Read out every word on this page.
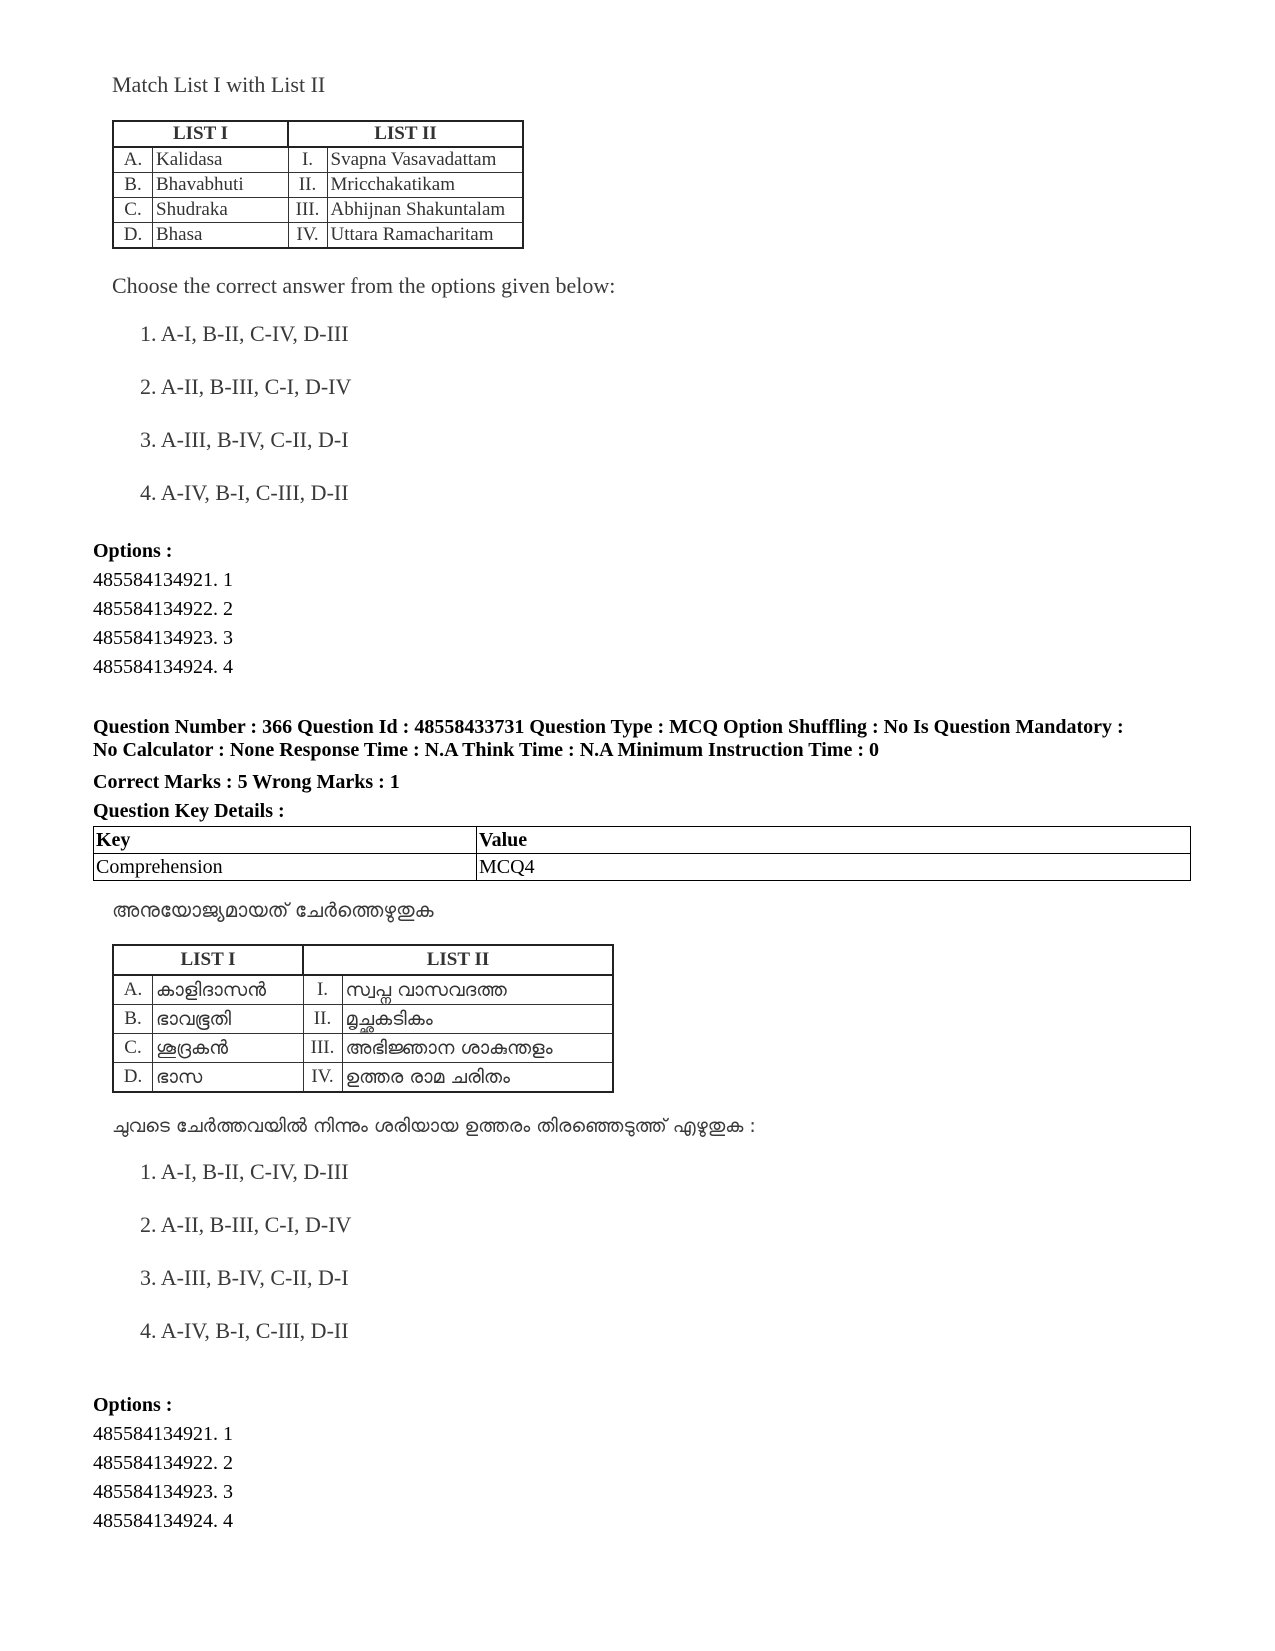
Match List I with List II
LIST I		LIST II	
A.	Kalidasa	I.	Svapna Vasavadattam
B.	Bhavabhuti	II.	Mricchakatikam
C.	Shudraka	III.	Abhijnan Shakuntalam
D.	Bhasa	IV.	Uttara Ramacharitam
Choose the correct answer from the options given below:
1. A-I, B-II, C-IV, D-III
2. A-II, B-III, C-I, D-IV
3. A-III, B-IV, C-II, D-I
4. A-IV, B-I, C-III, D-II
Options :
485584134921. 1
485584134922. 2
485584134923. 3
485584134924. 4
Question Number : 366 Question Id : 48558433731 Question Type : MCQ Option Shuffling : No Is Question Mandatory :
No Calculator : None Response Time : N.A Think Time : N.A Minimum Instruction Time : 0
Correct Marks : 5 Wrong Marks : 1
Question Key Details :
Key	Value
Comprehension	MCQ4
അനുയോജ്യമായത് ചേർത്തെഴുതുക
LIST I		LIST II	
A.	കാളിദാസൻ	I.	സ്വപ്ന വാസവദത്ത
B.	ഭാവഭൂതി	II.	മൃച്ഛകടികം
C.	ശൂദ്രകൻ	III.	അഭിജ്ഞാന ശാകുന്തളം
D.	ഭാസ	IV.	ഉത്തര രാമ ചരിതം
ചുവടെ ചേർത്തവയിൽ നിന്നും ശരിയായ ഉത്തരം തിരഞ്ഞെടുത്ത് എഴുതുക :
1. A-I, B-II, C-IV, D-III
2. A-II, B-III, C-I, D-IV
3. A-III, B-IV, C-II, D-I
4. A-IV, B-I, C-III, D-II
Options :
485584134921. 1
485584134922. 2
485584134923. 3
485584134924. 4
